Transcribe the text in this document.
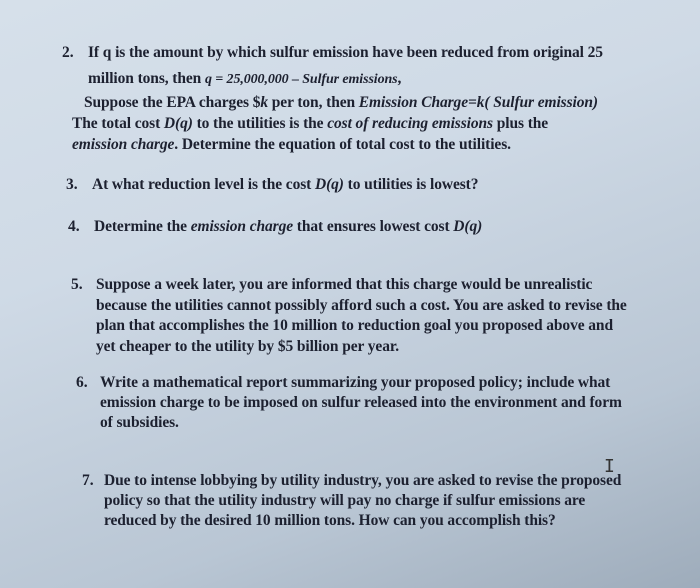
2. If q is the amount by which sulfur emission have been reduced from original 25
million tons, then q = 25,000,000 – Sulfur emissions,
Suppose the EPA charges $k per ton, then Emission Charge=k( Sulfur emission)
The total cost D(q) to the utilities is the cost of reducing emissions plus the
emission charge. Determine the equation of total cost to the utilities.
3. At what reduction level is the cost D(q) to utilities is lowest?
4. Determine the emission charge that ensures lowest cost D(q)
5. Suppose a week later, you are informed that this charge would be unrealistic
because the utilities cannot possibly afford such a cost. You are asked to revise the
plan that accomplishes the 10 million to reduction goal you proposed above and
yet cheaper to the utility by $5 billion per year.
6. Write a mathematical report summarizing your proposed policy; include what
emission charge to be imposed on sulfur released into the environment and form
of subsidies.
7. Due to intense lobbying by utility industry, you are asked to revise the proposed
policy so that the utility industry will pay no charge if sulfur emissions are
reduced by the desired 10 million tons. How can you accomplish this?
I
